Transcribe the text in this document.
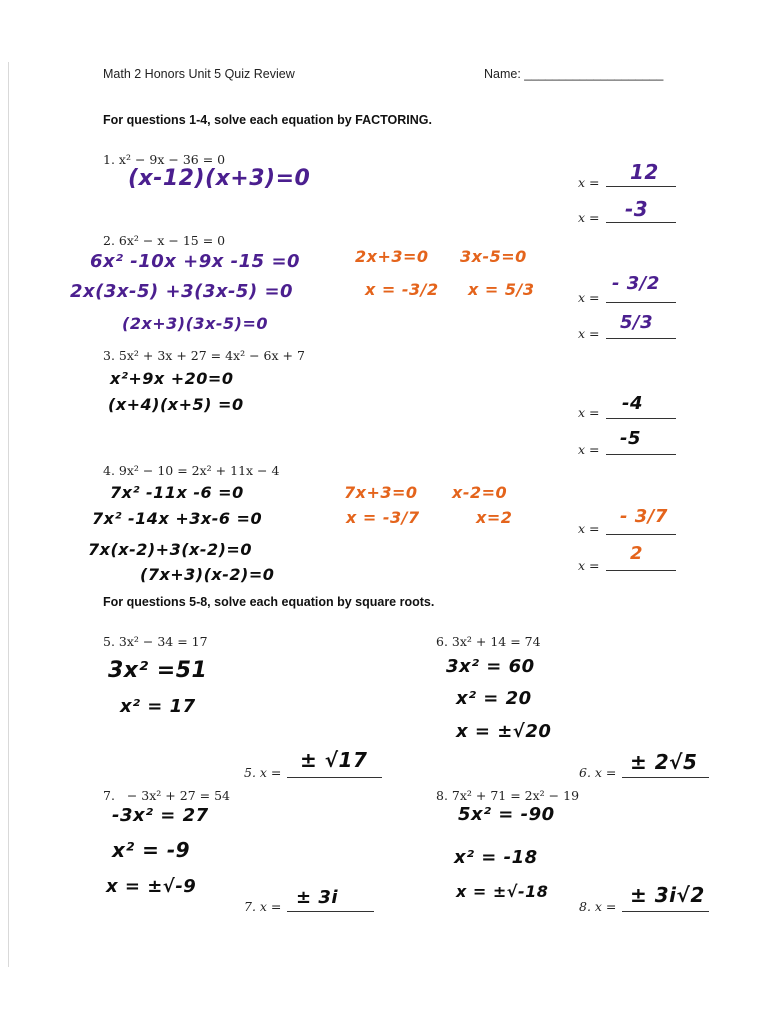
Math 2 Honors Unit 5 Quiz Review	Name: ____________________
For questions 1-4, solve each equation by FACTORING.
1. x² − 9x − 36 = 0
(x-12)(x+3)=0	x = 12
x = -3
2. 6x² − x − 15 = 0
6x² -10x +9x -15 =0
2x(3x-5) +3(3x-5) =0
(2x+3)(3x-5)=0
2x+3=0
x = -3/2
3x-5=0
x = 5/3	x =
- 3/2
x =
5/3
3. 5x² + 3x + 27 = 4x² − 6x + 7
x²+9x +20=0
(x+4)(x+5) =0	x = -4
x =
-5
4. 9x² − 10 = 2x² + 11x − 4
7x² -11x -6 =0
7x² -14x +3x-6 =0
7x(x-2)+3(x-2)=0
(7x+3)(x-2)=0
7x+3=0
x = -3/7
x-2=0
x=2
x =
- 3/7
x =
2
For questions 5-8, solve each equation by square roots.
5. 3x² − 34 = 17
3x² =51
x² = 17
5. x =
± √17
6. 3x² + 14 = 74
3x² = 60
x² = 20
x = ±√20
6. x = ± 2√5
7. − 3x² + 27 = 54
-3x² = 27
x² = -9
x = ±√-9
7. x = ± 3i
8. 7x² + 71 = 2x² − 19
5x² = -90
x² = -18
x = ±√-18
8. x = ± 3i√2
